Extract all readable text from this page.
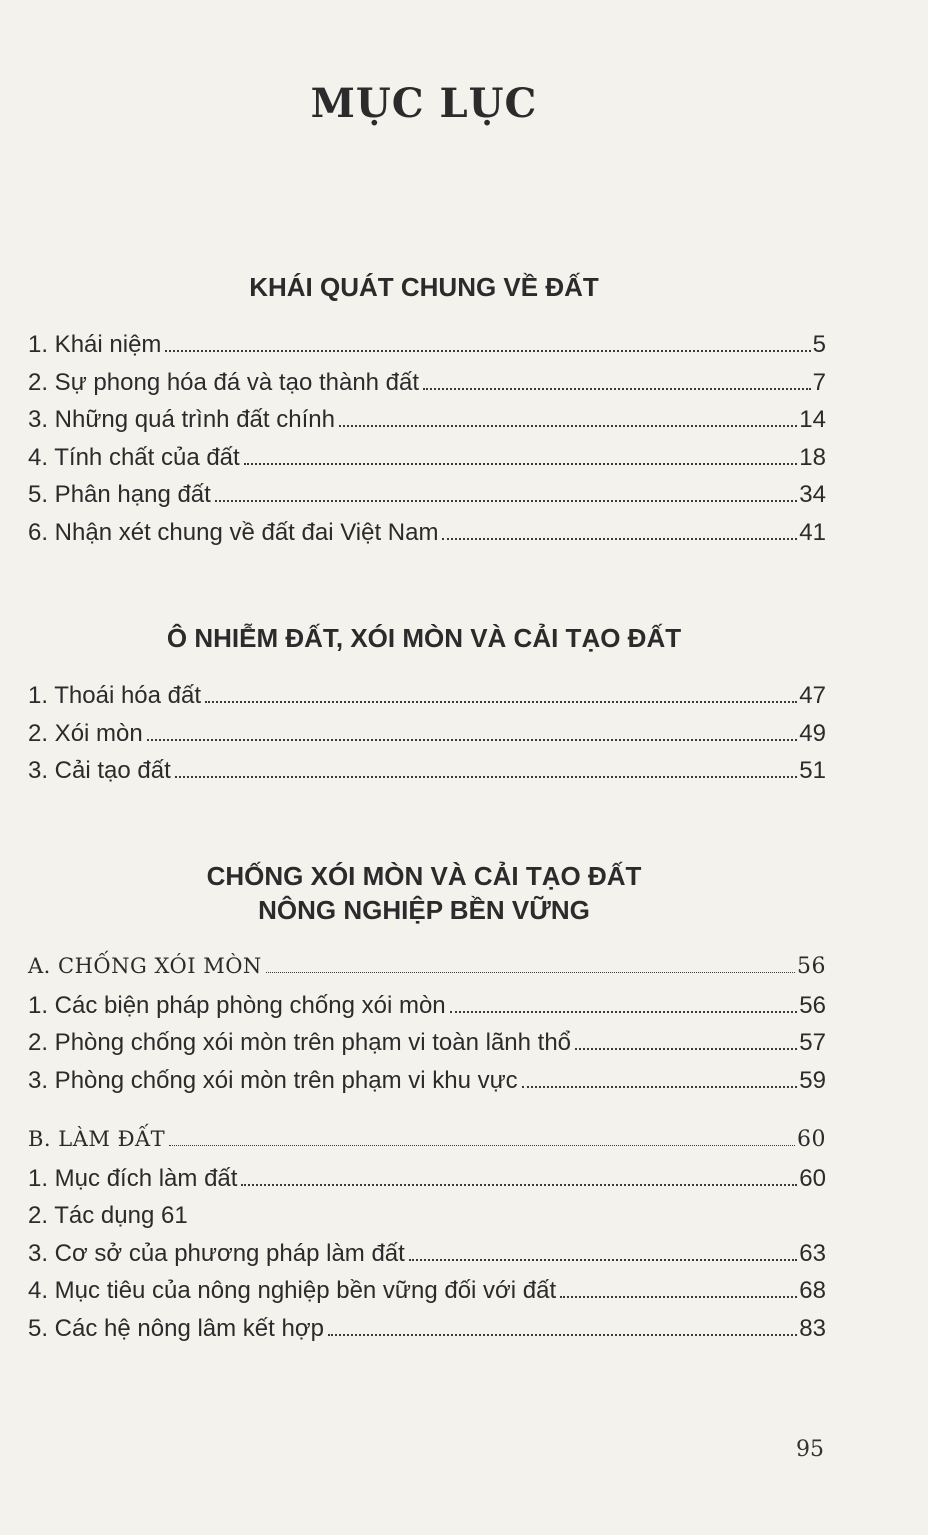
MỤC LỤC
KHÁI QUÁT CHUNG VỀ ĐẤT
1. Khái niệm	5
2. Sự phong hóa đá và tạo thành đất	7
3. Những quá trình đất chính	14
4. Tính chất của đất	18
5. Phân hạng đất	34
6. Nhận xét chung về đất đai Việt Nam	41
Ô NHIỄM ĐẤT, XÓI MÒN VÀ CẢI TẠO ĐẤT
1. Thoái hóa đất	47
2. Xói mòn	49
3. Cải tạo đất	51
CHỐNG XÓI MÒN VÀ CẢI TẠO ĐẤT
NÔNG NGHIỆP BỀN VỮNG
A. CHỐNG XÓI MÒN	56
1. Các biện pháp phòng chống xói mòn	56
2. Phòng chống xói mòn trên phạm vi toàn lãnh thổ	57
3. Phòng chống xói mòn trên phạm vi khu vực	59
B. LÀM ĐẤT	60
1. Mục đích làm đất	60
2. Tác dụng 61
3. Cơ sở của phương pháp làm đất	63
4. Mục tiêu của nông nghiệp bền vững đối với đất	68
5. Các hệ nông lâm kết hợp	83
95
